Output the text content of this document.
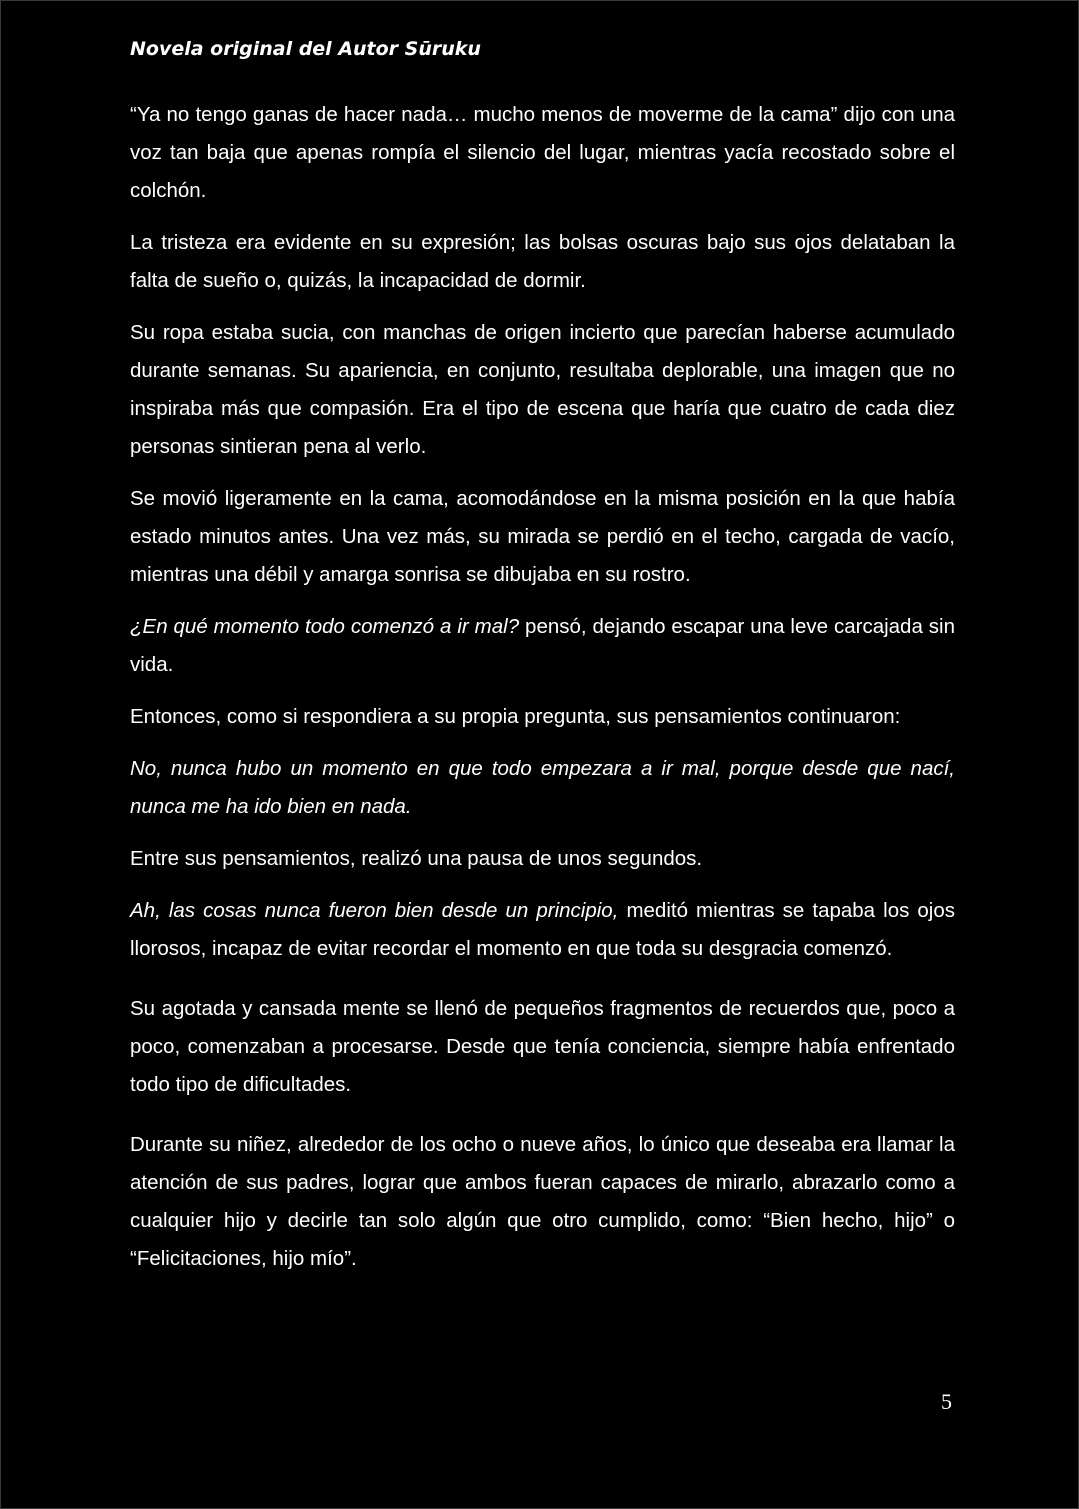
Novela original del Autor Sūruku

“Ya no tengo ganas de hacer nada… mucho menos de moverme de la cama” dijo con una voz tan baja que apenas rompía el silencio del lugar, mientras yacía recostado sobre el colchón.

La tristeza era evidente en su expresión; las bolsas oscuras bajo sus ojos delataban la falta de sueño o, quizás, la incapacidad de dormir.

Su ropa estaba sucia, con manchas de origen incierto que parecían haberse acumulado durante semanas. Su apariencia, en conjunto, resultaba deplorable, una imagen que no inspiraba más que compasión. Era el tipo de escena que haría que cuatro de cada diez personas sintieran pena al verlo.

Se movió ligeramente en la cama, acomodándose en la misma posición en la que había estado minutos antes. Una vez más, su mirada se perdió en el techo, cargada de vacío, mientras una débil y amarga sonrisa se dibujaba en su rostro.

¿En qué momento todo comenzó a ir mal? pensó, dejando escapar una leve carcajada sin vida.

Entonces, como si respondiera a su propia pregunta, sus pensamientos continuaron:

No, nunca hubo un momento en que todo empezara a ir mal, porque desde que nací, nunca me ha ido bien en nada.

Entre sus pensamientos, realizó una pausa de unos segundos.

Ah, las cosas nunca fueron bien desde un principio, meditó mientras se tapaba los ojos llorosos, incapaz de evitar recordar el momento en que toda su desgracia comenzó.

Su agotada y cansada mente se llenó de pequeños fragmentos de recuerdos que, poco a poco, comenzaban a procesarse. Desde que tenía conciencia, siempre había enfrentado todo tipo de dificultades.

Durante su niñez, alrededor de los ocho o nueve años, lo único que deseaba era llamar la atención de sus padres, lograr que ambos fueran capaces de mirarlo, abrazarlo como a cualquier hijo y decirle tan solo algún que otro cumplido, como: “Bien hecho, hijo” o “Felicitaciones, hijo mío”.

5
